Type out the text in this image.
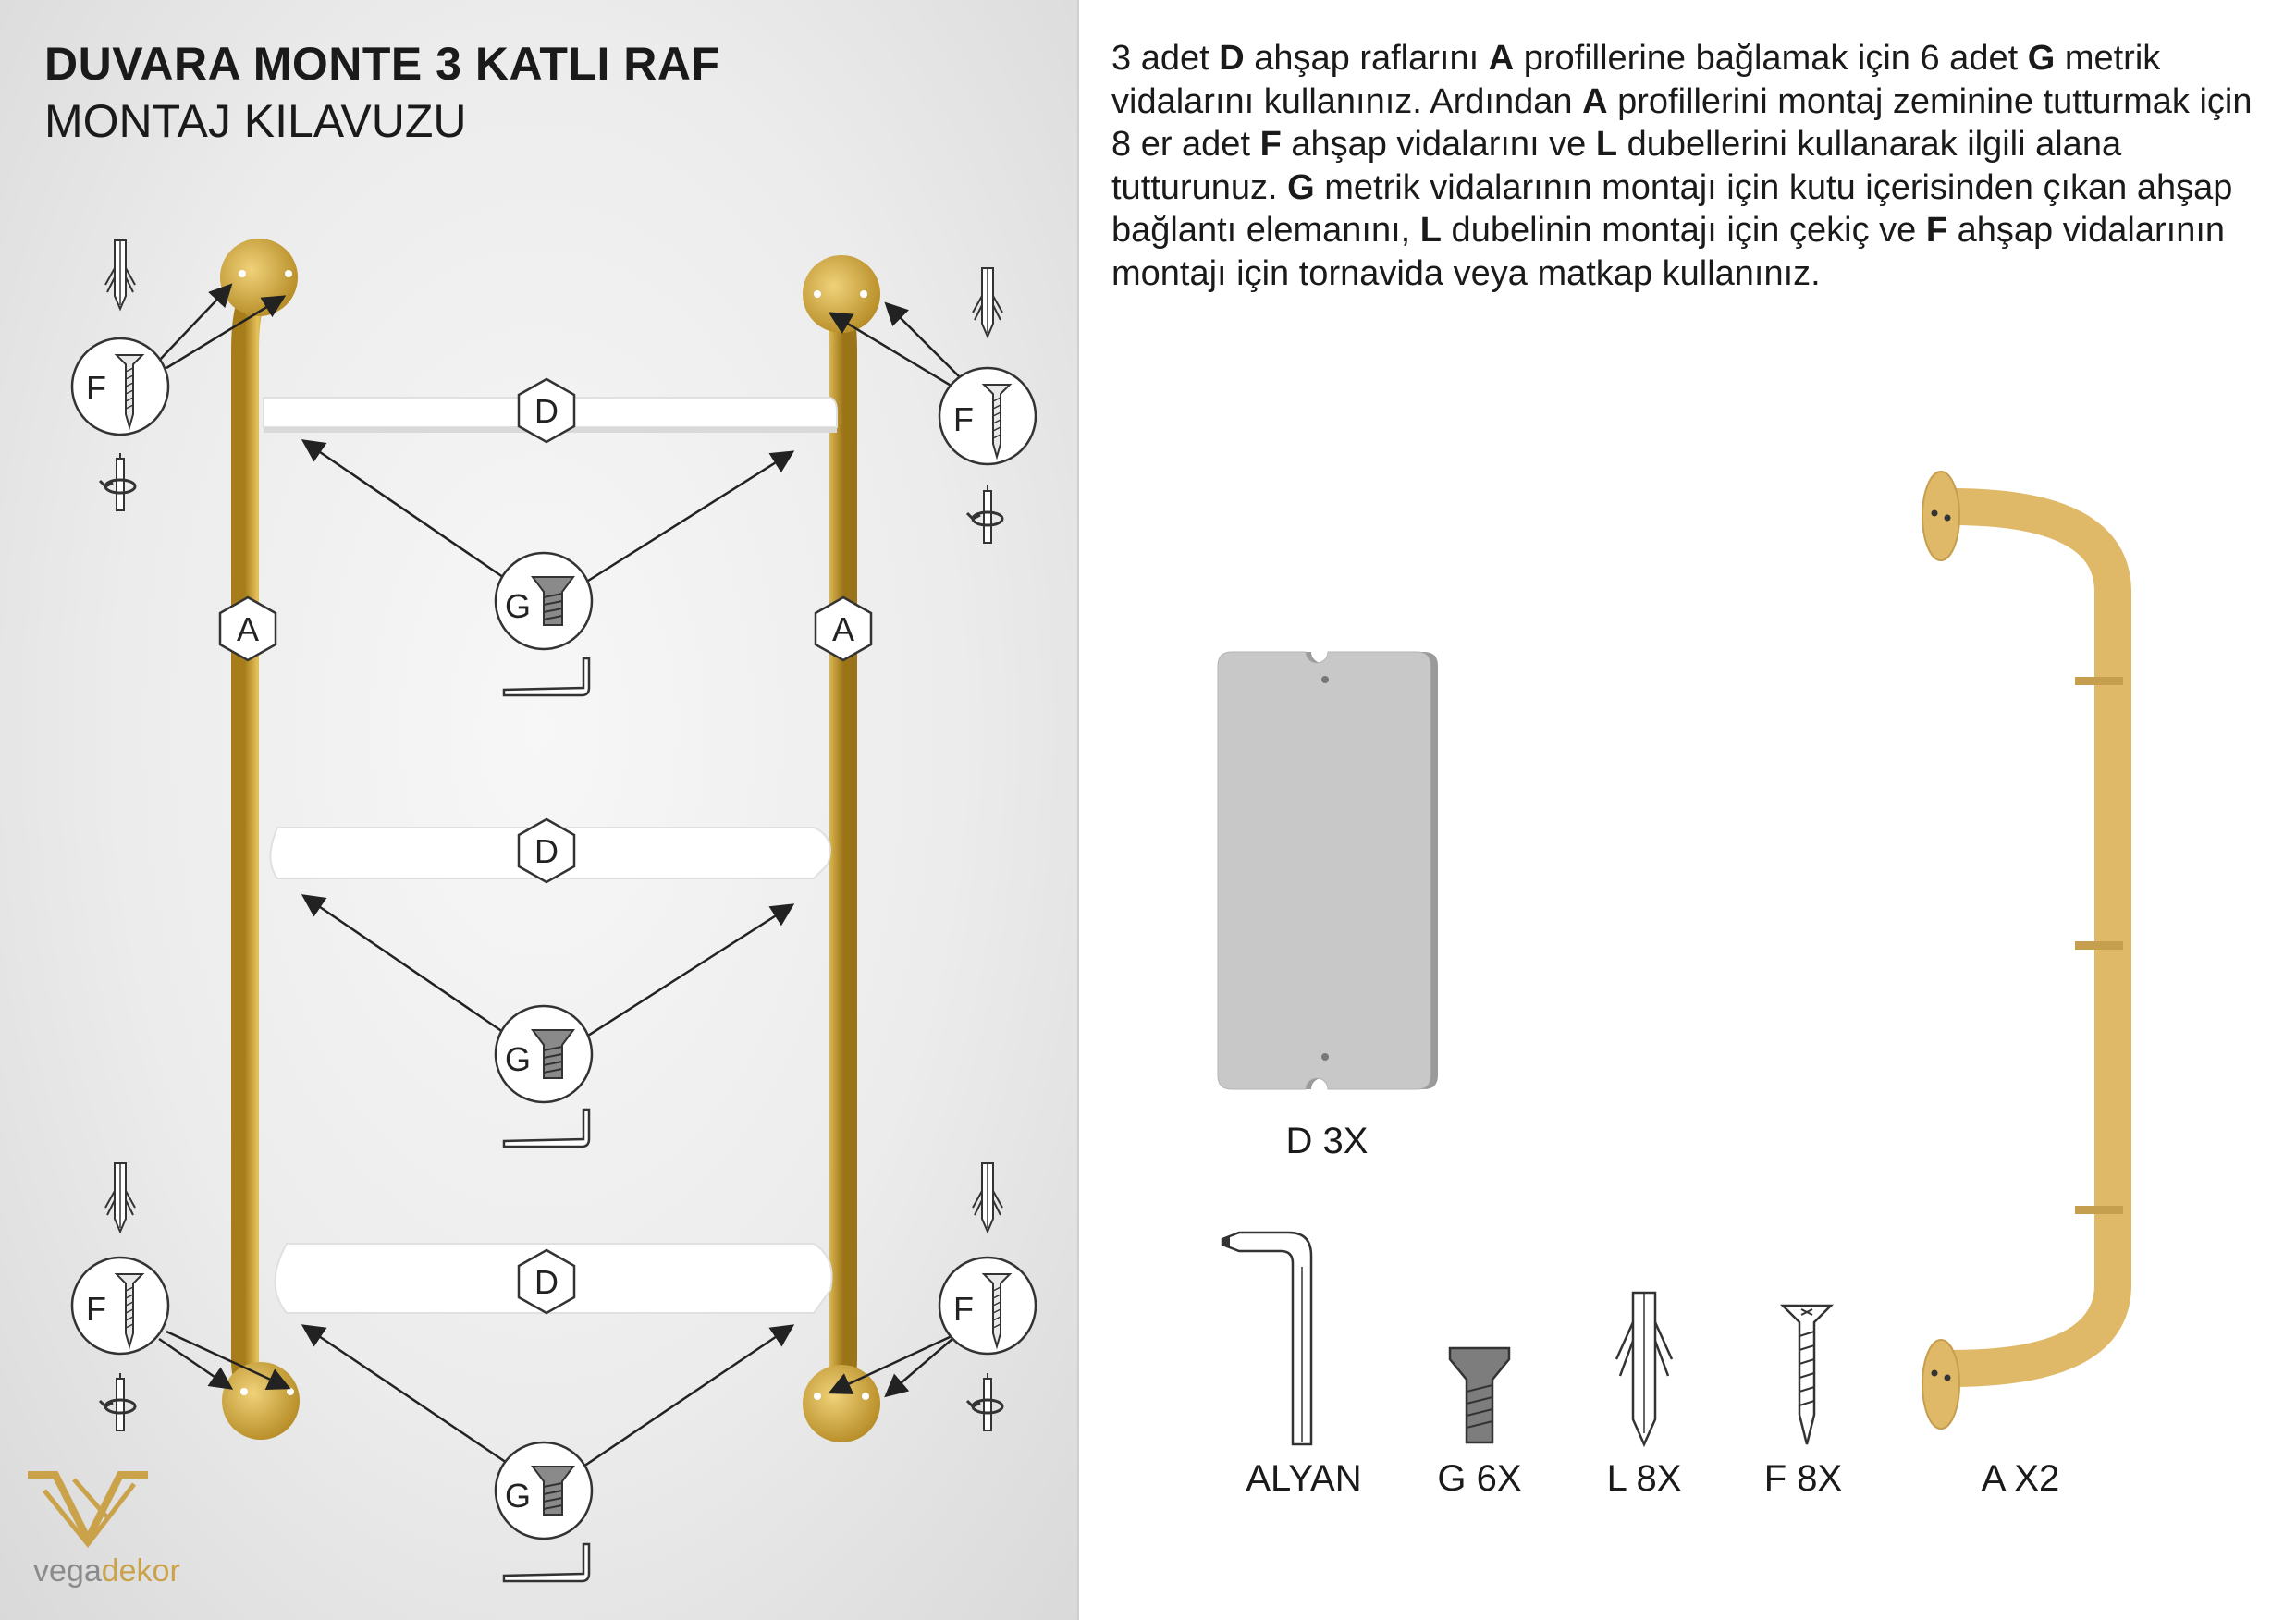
D
D
D
A	A
G
G
G
F
F
F	F
DUVARA MONTE 3 KATLI RAF
MONTAJ KILAVUZU
vegadekor
3 adet D ahşap raflarını A profillerine bağlamak için 6 adet G metrik vidalarını kullanınız. Ardından A profillerini montaj zeminine tutturmak için 8 er adet F ahşap vidalarını ve L dubellerini kullanarak ilgili alana tutturunuz. G metrik vidalarının montajı için kutu içerisinden çıkan ahşap bağlantı elemanını, L dubelinin montajı için çekiç ve F ahşap vidalarının montajı için tornavida veya matkap kullanınız.
D 3X
ALYAN	G 6X	L 8X	F 8X	A X2
